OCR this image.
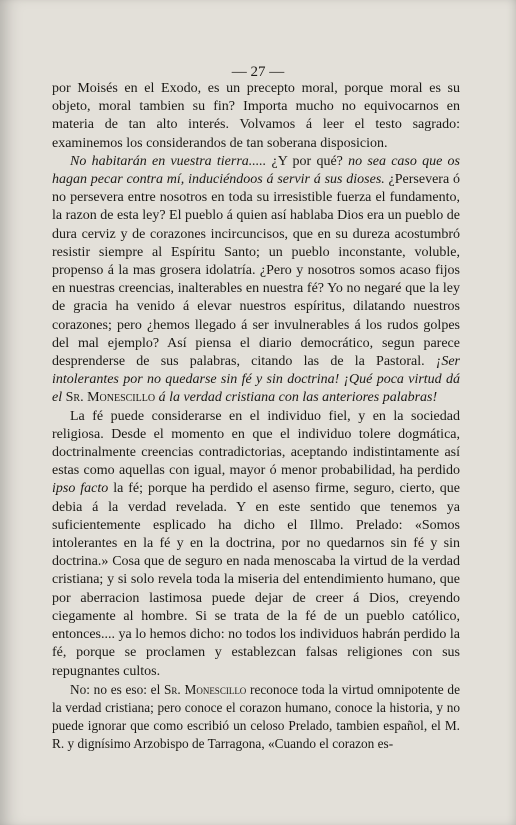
— 27 —

por Moisés en el Exodo, es un precepto moral, porque moral es su objeto, moral tambien su fin? Importa mucho no equivocarnos en materia de tan alto interés. Volvamos á leer el testo sagrado: examinemos los considerandos de tan soberana disposicion.

No habitarán en vuestra tierra..... ¿Y por qué? no sea caso que os hagan pecar contra mí, induciéndoos á servir á sus dioses. ¿Persevera ó no persevera entre nosotros en toda su irresistible fuerza el fundamento, la razon de esta ley? El pueblo á quien así hablaba Dios era un pueblo de dura cerviz y de corazones incircuncisos, que en su dureza acostumbró resistir siempre al Espíritu Santo; un pueblo inconstante, voluble, propenso á la mas grosera idolatría. ¿Pero y nosotros somos acaso fijos en nuestras creencias, inalterables en nuestra fé? Yo no negaré que la ley de gracia ha venido á elevar nuestros espíritus, dilatando nuestros corazones; pero ¿hemos llegado á ser invulnerables á los rudos golpes del mal ejemplo? Así piensa el diario democrático, segun parece desprenderse de sus palabras, citando las de la Pastoral. ¡Ser intolerantes por no quedarse sin fé y sin doctrina! ¡Qué poca virtud dá el Sr. Monescillo á la verdad cristiana con las anteriores palabras!

La fé puede considerarse en el individuo fiel, y en la sociedad religiosa. Desde el momento en que el individuo tolere dogmática, doctrinalmente creencias contradictorias, aceptando indistintamente así estas como aquellas con igual, mayor ó menor probabilidad, ha perdido ipso facto la fé; porque ha perdido el asenso firme, seguro, cierto, que debia á la verdad revelada. Y en este sentido que tenemos ya suficientemente esplicado ha dicho el Illmo. Prelado: «Somos intolerantes en la fé y en la doctrina, por no quedarnos sin fé y sin doctrina.» Cosa que de seguro en nada menoscaba la virtud de la verdad cristiana; y si solo revela toda la miseria del entendimiento humano, que por aberracion lastimosa puede dejar de creer á Dios, creyendo ciegamente al hombre. Si se trata de la fé de un pueblo católico, entonces.... ya lo hemos dicho: no todos los individuos habrán perdido la fé, porque se proclamen y establezcan falsas religiones con sus repugnantes cultos.

No: no es eso: el Sr. Monescillo reconoce toda la virtud omnipotente de la verdad cristiana; pero conoce el corazon humano, conoce la historia, y no puede ignorar que como escribió un celoso Prelado, tambien español, el M. R. y dignísimo Arzobispo de Tarragona, «Cuando el corazon es-
